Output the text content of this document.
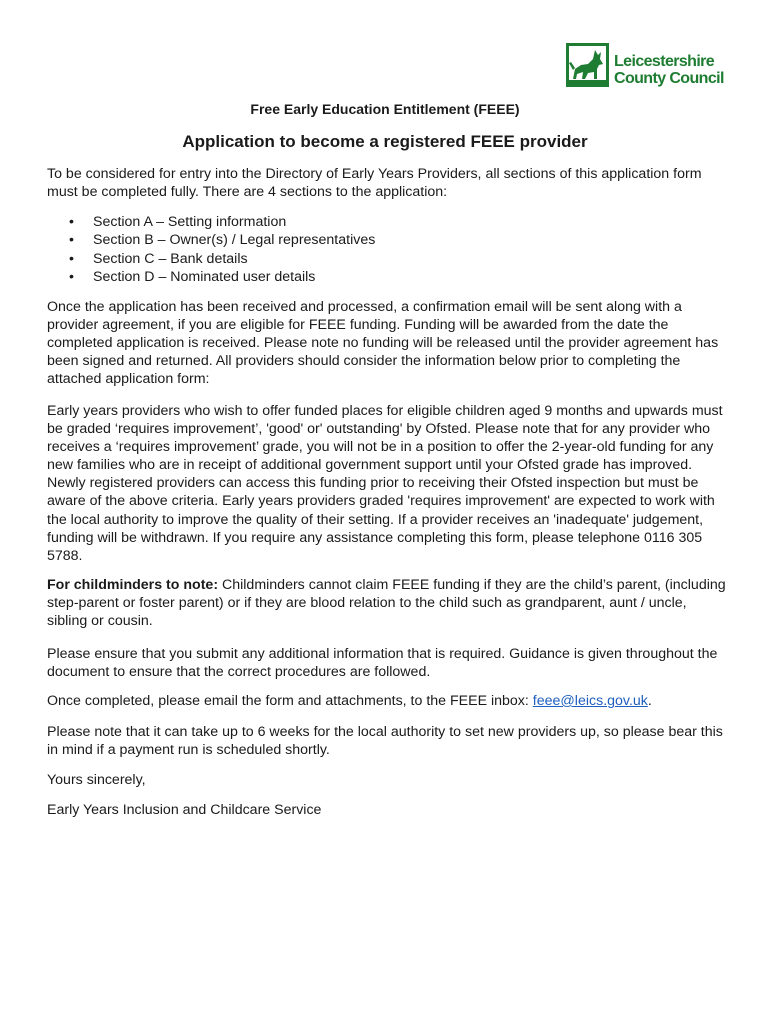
Leicestershire
County Council
Free Early Education Entitlement (FEEE)
Application to become a registered FEEE provider

To be considered for entry into the Directory of Early Years Providers, all sections of this application form must be completed fully. There are 4 sections to the application:

• Section A – Setting information
• Section B – Owner(s) / Legal representatives
• Section C – Bank details
• Section D – Nominated user details

Once the application has been received and processed, a confirmation email will be sent along with a provider agreement, if you are eligible for FEEE funding. Funding will be awarded from the date the completed application is received. Please note no funding will be released until the provider agreement has been signed and returned. All providers should consider the information below prior to completing the attached application form:

Early years providers who wish to offer funded places for eligible children aged 9 months and upwards must be graded ‘requires improvement’, 'good' or' outstanding' by Ofsted. Please note that for any provider who receives a ‘requires improvement’ grade, you will not be in a position to offer the 2-year-old funding for any new families who are in receipt of additional government support until your Ofsted grade has improved. Newly registered providers can access this funding prior to receiving their Ofsted inspection but must be aware of the above criteria. Early years providers graded 'requires improvement' are expected to work with the local authority to improve the quality of their setting. If a provider receives an 'inadequate' judgement, funding will be withdrawn. If you require any assistance completing this form, please telephone 0116 305 5788.

For childminders to note: Childminders cannot claim FEEE funding if they are the child’s parent, (including step-parent or foster parent) or if they are blood relation to the child such as grandparent, aunt / uncle, sibling or cousin.

Please ensure that you submit any additional information that is required. Guidance is given throughout the document to ensure that the correct procedures are followed.

Once completed, please email the form and attachments, to the FEEE inbox: feee@leics.gov.uk.

Please note that it can take up to 6 weeks for the local authority to set new providers up, so please bear this in mind if a payment run is scheduled shortly.

Yours sincerely,

Early Years Inclusion and Childcare Service
